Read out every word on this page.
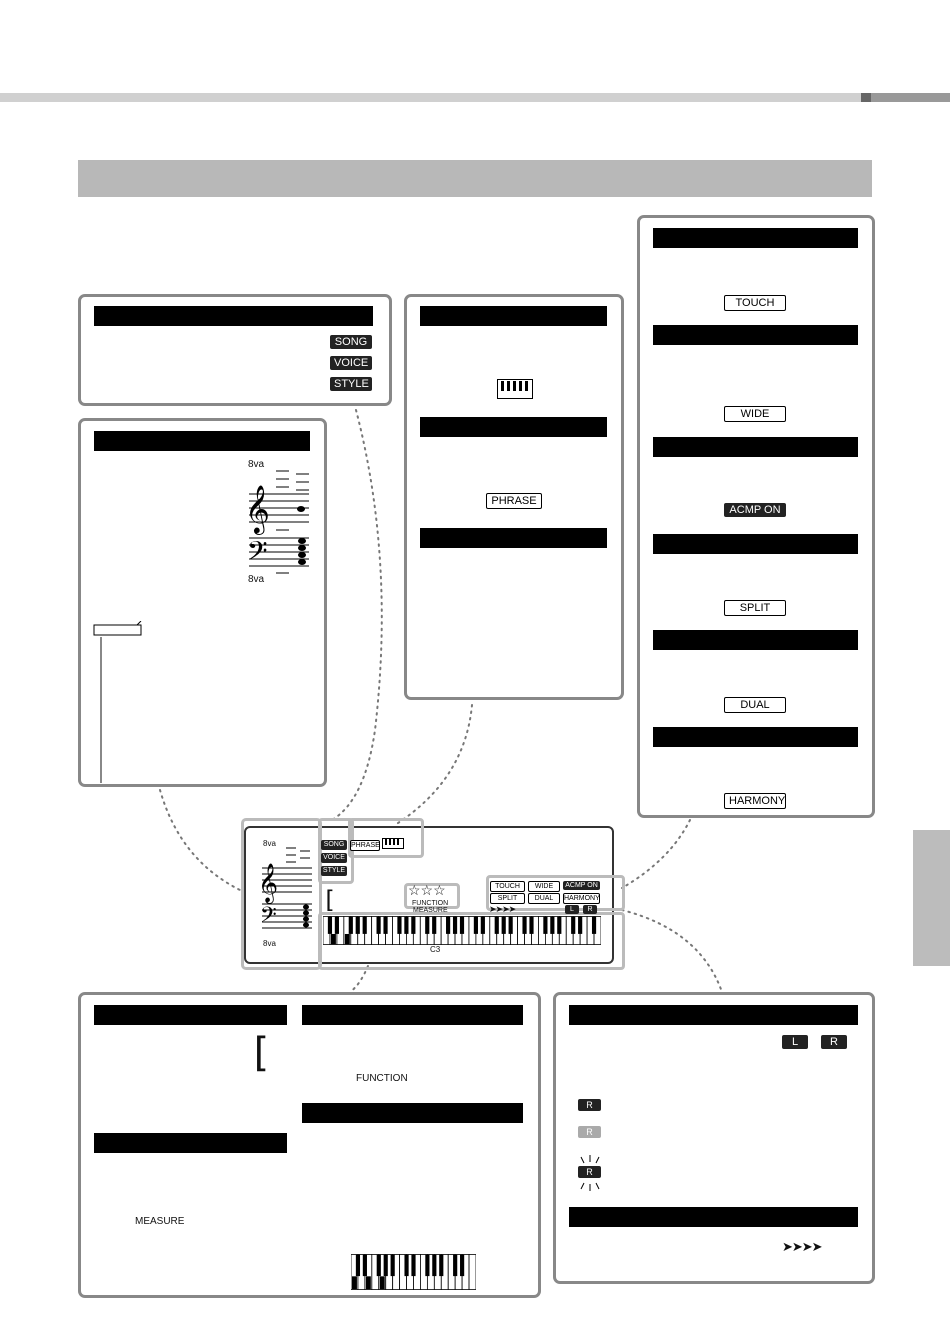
SONG
VOICE
STYLE
8va
𝄞
𝄢
8va
PHRASE
TOUCH
WIDE
ACMP ON
SPLIT
DUAL
HARMONY
8va
𝄞
𝄢
8va
SONG
VOICE
STYLE
PHRASE
[	☆☆☆
FUNCTION
MEASURE
TOUCH	WIDE	ACMP ON
SPLIT	DUAL	HARMONY
➤➤➤➤	L	R
C3
[
MEASURE
FUNCTION
L	R
R
R
R
➤➤➤➤
